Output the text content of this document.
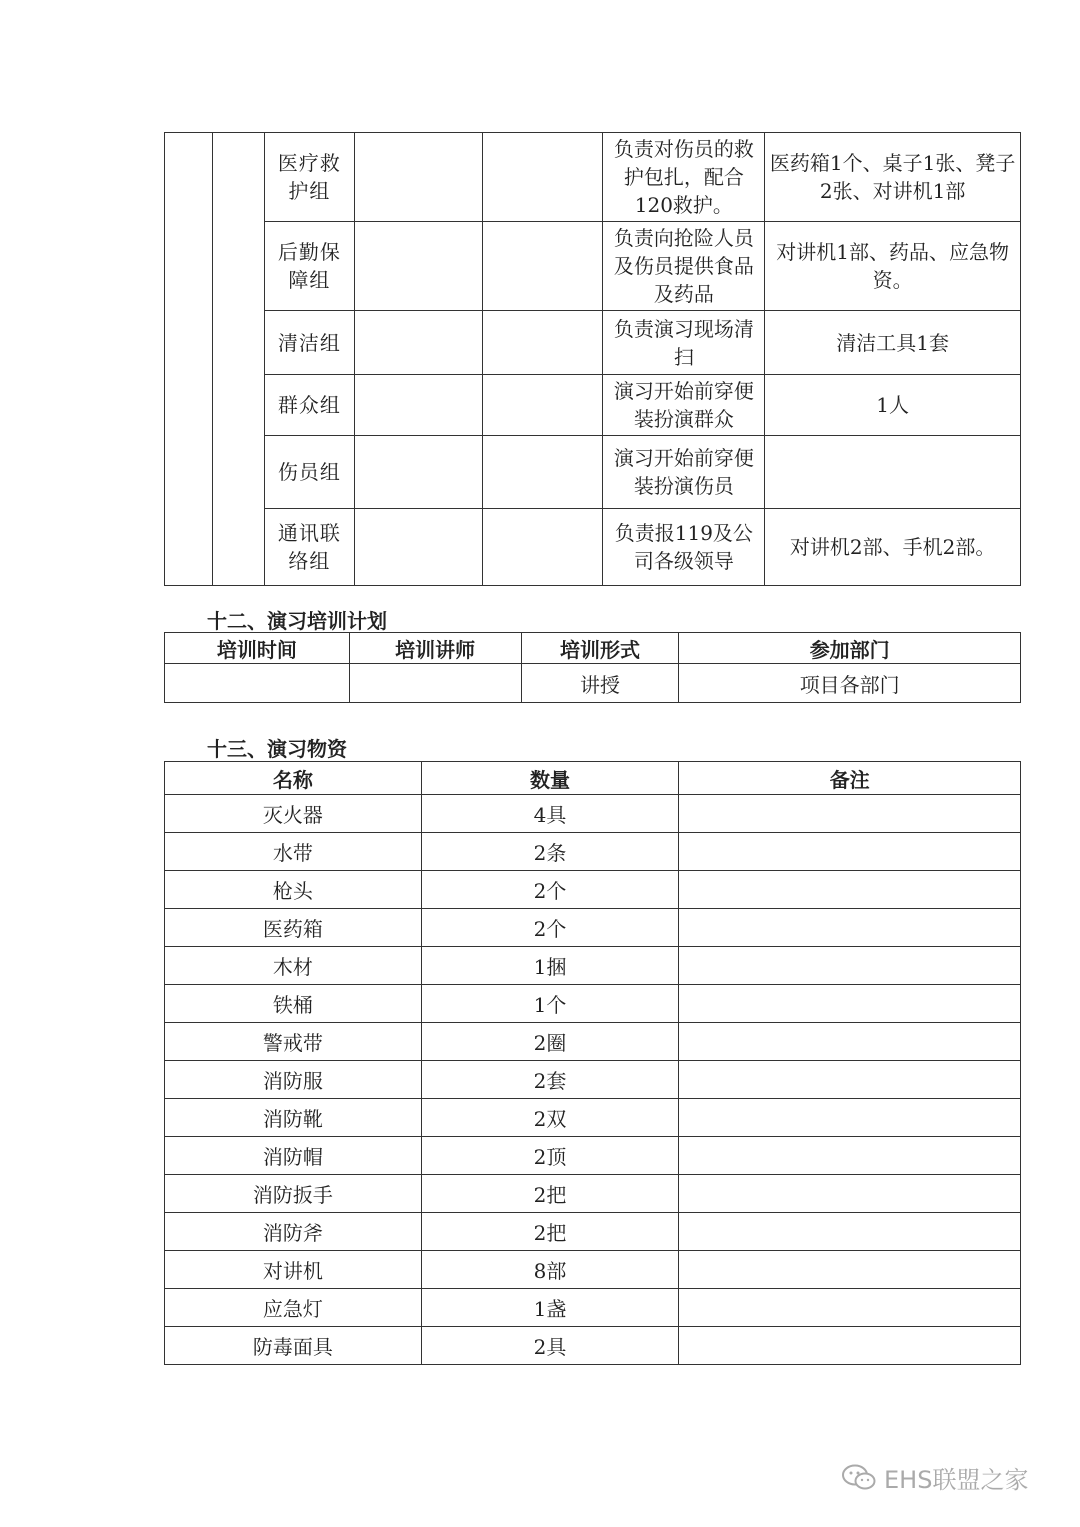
		医疗救护组			负责对伤员的救护包扎，配合120救护。	医药箱1个、桌子1张、凳子2张、对讲机1部
		后勤保障组			负责向抢险人员及伤员提供食品及药品	对讲机1部、药品、应急物资。
		清洁组			负责演习现场清扫	清洁工具1套
		群众组			演习开始前穿便装扮演群众	1人
		伤员组			演习开始前穿便装扮演伤员	
		通讯联络组			负责报119及公司各级领导	对讲机2部、手机2部。
十二、演习培训计划
培训时间	培训讲师	培训形式	参加部门
		讲授	项目各部门
十三、演习物资
名称	数量	备注
灭火器	4具	
水带	2条	
枪头	2个	
医药箱	2个	
木材	1捆	
铁桶	1个	
警戒带	2圈	
消防服	2套	
消防靴	2双	
消防帽	2顶	
消防扳手	2把	
消防斧	2把	
对讲机	8部	
应急灯	1盏	
防毒面具	2具	
EHS联盟之家
